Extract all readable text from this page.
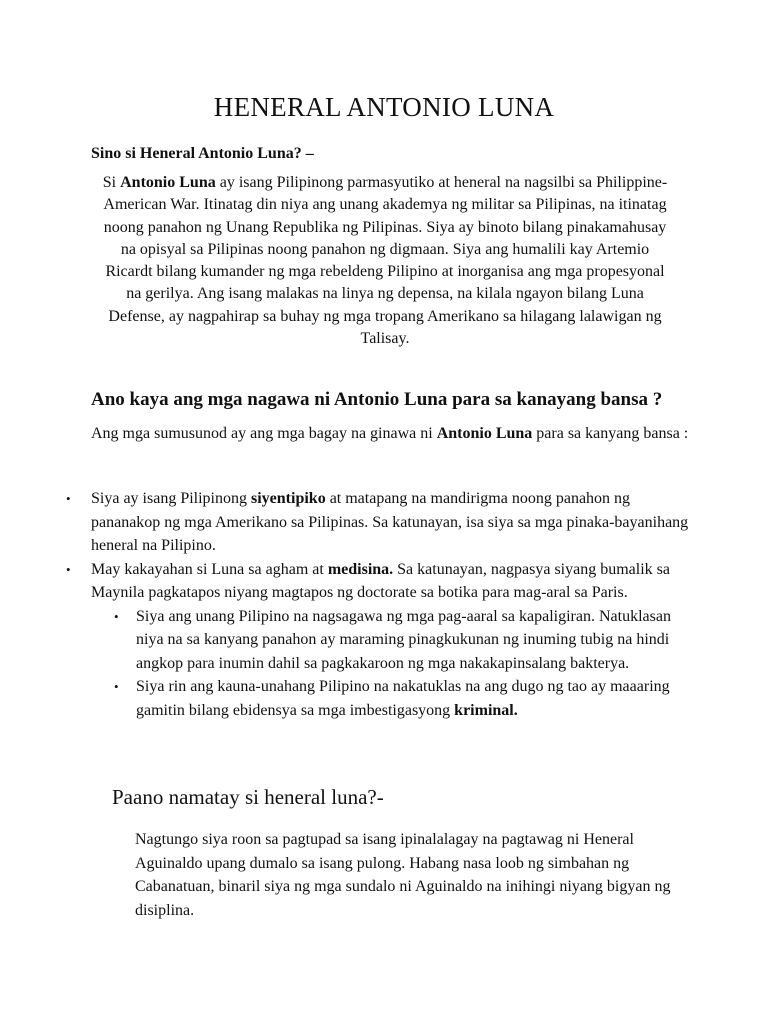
HENERAL ANTONIO LUNA

Sino si Heneral Antonio Luna? –

Si Antonio Luna ay isang Pilipinong parmasyutiko at heneral na nagsilbi sa Philippine-American War. Itinatag din niya ang unang akademya ng militar sa Pilipinas, na itinatag noong panahon ng Unang Republika ng Pilipinas. Siya ay binoto bilang pinakamahusay na opisyal sa Pilipinas noong panahon ng digmaan. Siya ang humalili kay Artemio Ricardt bilang kumander ng mga rebeldeng Pilipino at inorganisa ang mga propesyonal na gerilya. Ang isang malakas na linya ng depensa, na kilala ngayon bilang Luna Defense, ay nagpahirap sa buhay ng mga tropang Amerikano sa hilagang lalawigan ng Talisay.

Ano kaya ang mga nagawa ni Antonio Luna para sa kanayang bansa ?

Ang mga sumusunod ay ang mga bagay na ginawa ni Antonio Luna para sa kanyang bansa :

• Siya ay isang Pilipinong siyentipiko at matapang na mandirigma noong panahon ng pananakop ng mga Amerikano sa Pilipinas. Sa katunayan, isa siya sa mga pinaka-bayanihang heneral na Pilipino.
• May kakayahan si Luna sa agham at medisina. Sa katunayan, nagpasya siyang bumalik sa Maynila pagkatapos niyang magtapos ng doctorate sa botika para mag-aral sa Paris.
• Siya ang unang Pilipino na nagsagawa ng mga pag-aaral sa kapaligiran. Natuklasan niya na sa kanyang panahon ay maraming pinagkukunan ng inuming tubig na hindi angkop para inumin dahil sa pagkakaroon ng mga nakakapinsalang bakterya.
• Siya rin ang kauna-unahang Pilipino na nakatuklas na ang dugo ng tao ay maaaring gamitin bilang ebidensya sa mga imbestigasyong kriminal.

Paano namatay si heneral luna?-

Nagtungo siya roon sa pagtupad sa isang ipinalalagay na pagtawag ni Heneral Aguinaldo upang dumalo sa isang pulong. Habang nasa loob ng simbahan ng Cabanatuan, binaril siya ng mga sundalo ni Aguinaldo na inihingi niyang bigyan ng disiplina.
